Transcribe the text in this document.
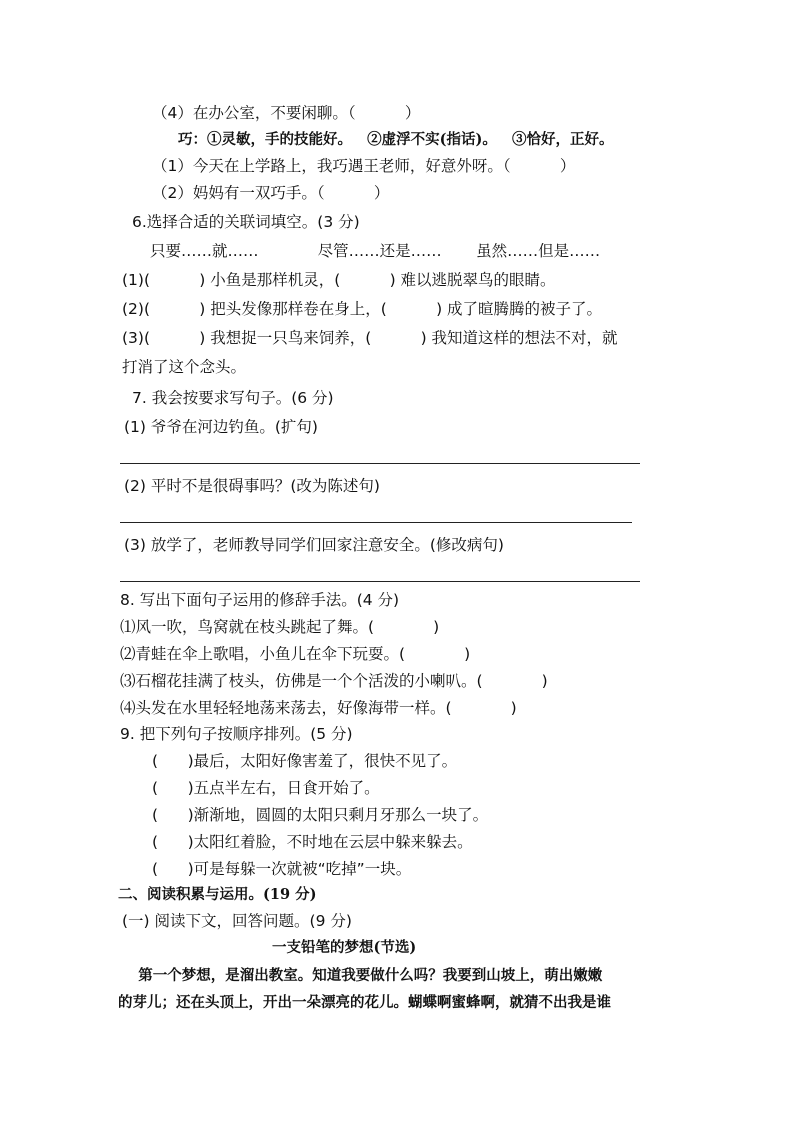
（4）在办公室，不要闲聊。（          ）
巧：①灵敏，手的技能好。   ②虚浮不实(指话)。   ③恰好，正好。
（1）今天在上学路上，我巧遇王老师，好意外呀。（          ）
（2）妈妈有一双巧手。（          ）
6.选择合适的关联词填空。(3 分)
只要……就……            尽管……还是……       虽然……但是……
(1)(          ) 小鱼是那样机灵，(          ) 难以逃脱翠鸟的眼睛。
(2)(          ) 把头发像那样卷在身上，(          ) 成了暄腾腾的被子了。
(3)(          ) 我想捉一只鸟来饲养，(          ) 我知道这样的想法不对，就
打消了这个念头。
7. 我会按要求写句子。(6 分)
(1) 爷爷在河边钓鱼。(扩句)
(2) 平时不是很碍事吗？(改为陈述句)
(3) 放学了，老师教导同学们回家注意安全。(修改病句)
8. 写出下面句子运用的修辞手法。(4 分)
⑴风一吹，鸟窝就在枝头跳起了舞。(            )
⑵青蛙在伞上歌唱，小鱼儿在伞下玩耍。(            )
⑶石榴花挂满了枝头，仿佛是一个个活泼的小喇叭。(            )
⑷头发在水里轻轻地荡来荡去，好像海带一样。(            )
9. 把下列句子按顺序排列。(5 分)
(      )最后，太阳好像害羞了，很快不见了。
(      )五点半左右，日食开始了。
(      )渐渐地，圆圆的太阳只剩月牙那么一块了。
(      )太阳红着脸，不时地在云层中躲来躲去。
(      )可是每躲一次就被“吃掉”一块。
二、阅读积累与运用。(19 分)
(一) 阅读下文，回答问题。(9 分)
一支铅笔的梦想(节选)
第一个梦想，是溜出教室。知道我要做什么吗？我要到山坡上，萌出嫩嫩
的芽儿；还在头顶上，开出一朵漂亮的花儿。蝴蝶啊蜜蜂啊，就猜不出我是谁
